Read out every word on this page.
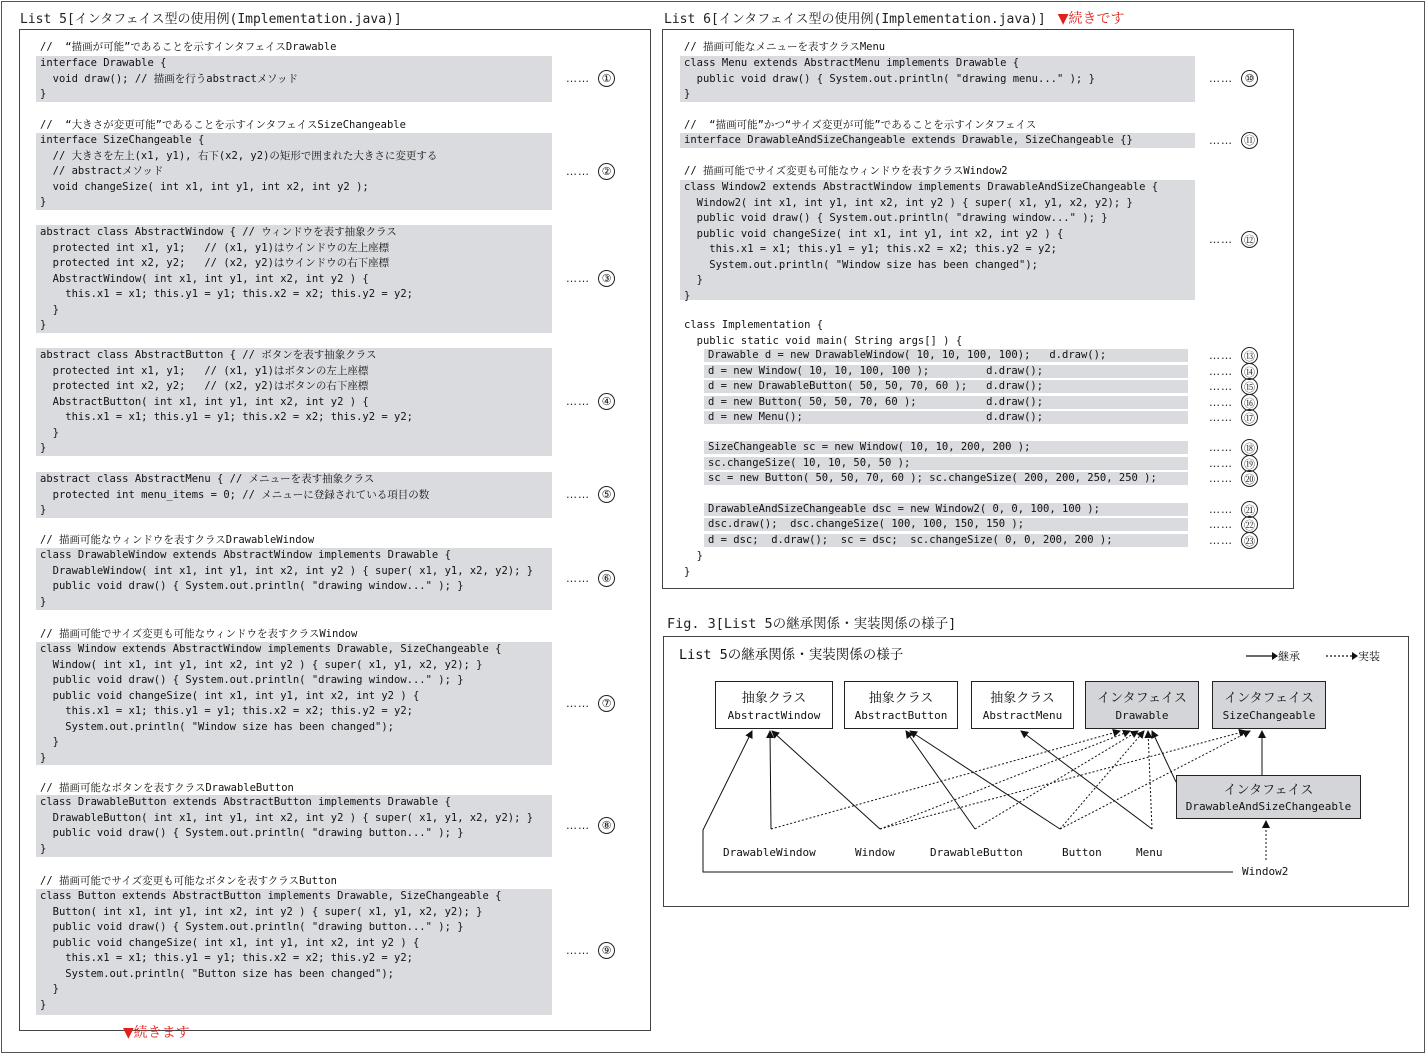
List 5[インタフェイス型の使用例(Implementation.java)]
//  “描画が可能”であることを示すインタフェイスDrawable
interface Drawable {
void draw(); // 描画を行うabstractメソッド
}
……	①
//  “大きさが変更可能”であることを示すインタフェイスSizeChangeable
interface SizeChangeable {
// 大きさを左上(x1, y1), 右下(x2, y2)の矩形で囲まれた大きさに変更する
// abstractメソッド
void changeSize( int x1, int y1, int x2, int y2 );
}
……	②
abstract class AbstractWindow { // ウィンドウを表す抽象クラス
protected int x1, y1;   // (x1, y1)はウインドウの左上座標
protected int x2, y2;   // (x2, y2)はウインドウの右下座標
AbstractWindow( int x1, int y1, int x2, int y2 ) {
this.x1 = x1; this.y1 = y1; this.x2 = x2; this.y2 = y2;
}
}
……	③
abstract class AbstractButton { // ボタンを表す抽象クラス
protected int x1, y1;   // (x1, y1)はボタンの左上座標
protected int x2, y2;   // (x2, y2)はボタンの右下座標
AbstractButton( int x1, int y1, int x2, int y2 ) {
this.x1 = x1; this.y1 = y1; this.x2 = x2; this.y2 = y2;
}
}
……	④
abstract class AbstractMenu { // メニューを表す抽象クラス
protected int menu_items = 0; // メニューに登録されている項目の数
}
……	⑤
// 描画可能なウィンドウを表すクラスDrawableWindow
class DrawableWindow extends AbstractWindow implements Drawable {
DrawableWindow( int x1, int y1, int x2, int y2 ) { super( x1, y1, x2, y2); }
public void draw() { System.out.println( "drawing window..." ); }
}
……	⑥
// 描画可能でサイズ変更も可能なウィンドウを表すクラスWindow
class Window extends AbstractWindow implements Drawable, SizeChangeable {
Window( int x1, int y1, int x2, int y2 ) { super( x1, y1, x2, y2); }
public void draw() { System.out.println( "drawing window..." ); }
public void changeSize( int x1, int y1, int x2, int y2 ) {
this.x1 = x1; this.y1 = y1; this.x2 = x2; this.y2 = y2;
System.out.println( "Window size has been changed");
}
}
……	⑦
// 描画可能なボタンを表すクラスDrawableButton
class DrawableButton extends AbstractButton implements Drawable {
DrawableButton( int x1, int y1, int x2, int y2 ) { super( x1, y1, x2, y2); }
public void draw() { System.out.println( "drawing button..." ); }
}
……	⑧
// 描画可能でサイズ変更も可能なボタンを表すクラスButton
class Button extends AbstractButton implements Drawable, SizeChangeable {
Button( int x1, int y1, int x2, int y2 ) { super( x1, y1, x2, y2); }
public void draw() { System.out.println( "drawing button..." ); }
public void changeSize( int x1, int y1, int x2, int y2 ) {
this.x1 = x1; this.y1 = y1; this.x2 = x2; this.y2 = y2;
System.out.println( "Button size has been changed");
}
}
……	⑨
▼続きます
List 6[インタフェイス型の使用例(Implementation.java)] ▼続きです
// 描画可能なメニューを表すクラスMenu
class Menu extends AbstractMenu implements Drawable {
public void draw() { System.out.println( "drawing menu..." ); }
}
……	⑩
//  “描画可能”かつ“サイズ変更が可能”であることを示すインタフェイス
interface DrawableAndSizeChangeable extends Drawable, SizeChangeable {}	…… ⑪
// 描画可能でサイズ変更も可能なウィンドウを表すクラスWindow2
class Window2 extends AbstractWindow implements DrawableAndSizeChangeable {
Window2( int x1, int y1, int x2, int y2 ) { super( x1, y1, x2, y2); }
public void draw() { System.out.println( "drawing window..." ); }
public void changeSize( int x1, int y1, int x2, int y2 ) {
this.x1 = x1; this.y1 = y1; this.x2 = x2; this.y2 = y2;
System.out.println( "Window size has been changed");
}
}
…… ⑫
class Implementation {
public static void main( String args[] ) {
Drawable d = new DrawableWindow( 10, 10, 100, 100);   d.draw();	…… ⑬
d = new Window( 10, 10, 100, 100 );         d.draw();	…… ⑭
d = new DrawableButton( 50, 50, 70, 60 );   d.draw();	…… ⑮
d = new Button( 50, 50, 70, 60 );           d.draw();	…… ⑯
d = new Menu();                             d.draw();	…… ⑰
SizeChangeable sc = new Window( 10, 10, 200, 200 );	…… ⑱
sc.changeSize( 10, 10, 50, 50 );	…… ⑲
sc = new Button( 50, 50, 70, 60 ); sc.changeSize( 200, 200, 250, 250 );	…… ⑳
DrawableAndSizeChangeable dsc = new Window2( 0, 0, 100, 100 );	…… ㉑
dsc.draw();  dsc.changeSize( 100, 100, 150, 150 );	…… ㉒
d = dsc;  d.draw();  sc = dsc;  sc.changeSize( 0, 0, 200, 200 );	…… ㉓
}
}
Fig. 3[List 5の継承関係・実装関係の様子]
List 5の継承関係・実装関係の様子	継承	実装
抽象クラス
AbstractWindow
抽象クラス
AbstractButton
抽象クラス
AbstractMenu
インタフェイス
Drawable
インタフェイス
SizeChangeable
インタフェイス
DrawableAndSizeChangeable
DrawableWindow	Window	DrawableButton	Button	Menu
Window2
